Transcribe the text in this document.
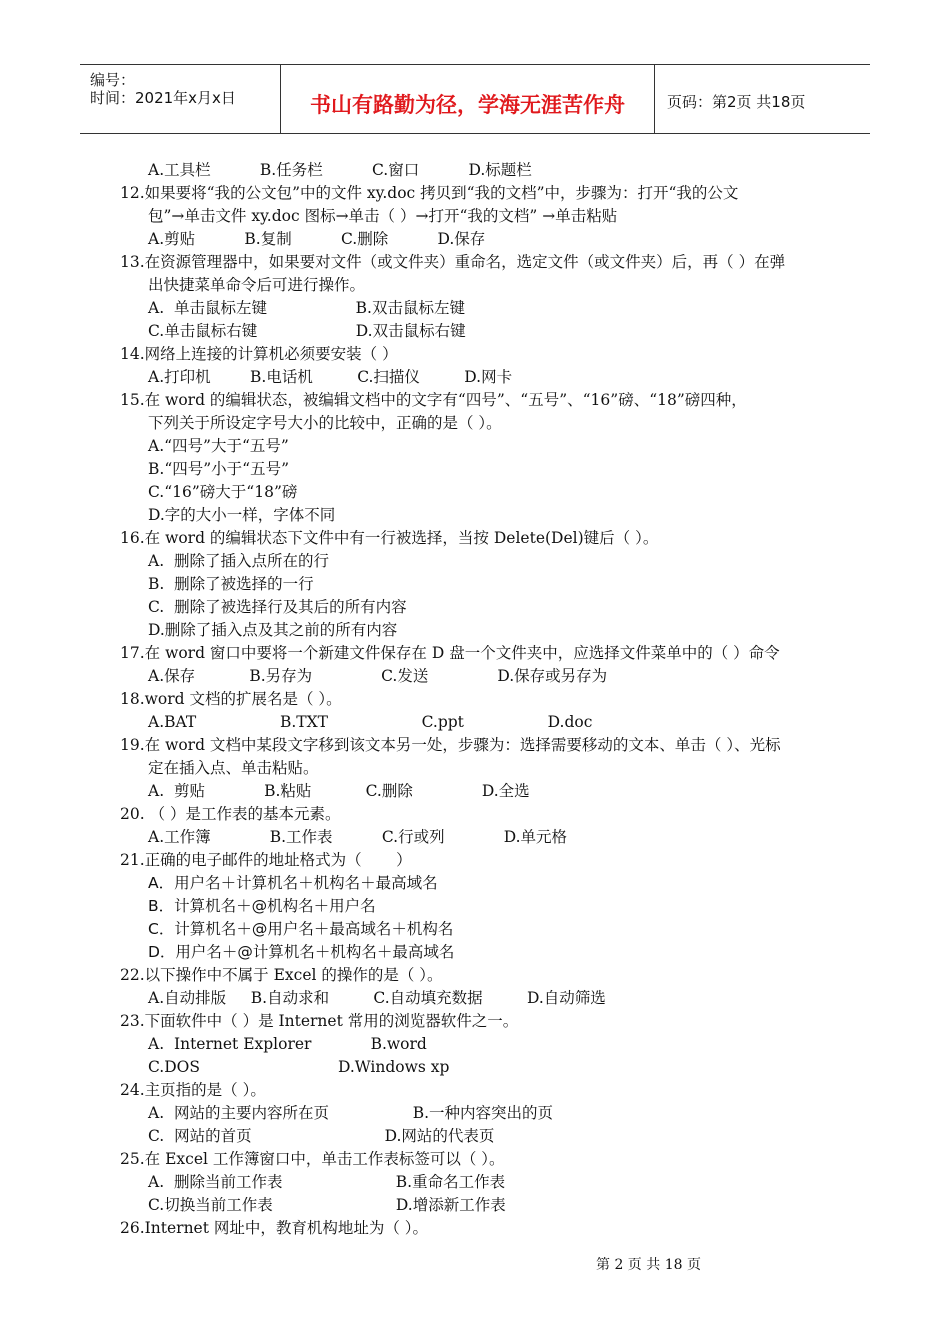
编号：
时间：2021年x月x日	书山有路勤为径，学海无涯苦作舟	页码：第2页 共18页
A.工具栏          B.任务栏          C.窗口          D.标题栏
12.如果要将“我的公文包”中的文件 xy.doc 拷贝到“我的文档”中，步骤为：打开“我的公文
包”→单击文件 xy.doc 图标→单击（ ）→打开“我的文档” →单击粘贴
A.剪贴          B.复制          C.删除          D.保存
13.在资源管理器中，如果要对文件（或文件夹）重命名，选定文件（或文件夹）后，再（ ）在弹
出快捷菜单命令后可进行操作。
A.  单击鼠标左键                  B.双击鼠标左键
C.单击鼠标右键                    D.双击鼠标右键
14.网络上连接的计算机必须要安装（ ）
A.打印机        B.电话机         C.扫描仪         D.网卡
15.在 word 的编辑状态，被编辑文档中的文字有“四号”、“五号”、“16”磅、“18”磅四种，
下列关于所设定字号大小的比较中，正确的是（ ）。
A.“四号”大于“五号”
B.“四号”小于“五号”
C.“16”磅大于“18”磅
D.字的大小一样，字体不同
16.在 word 的编辑状态下文件中有一行被选择，当按 Delete(Del)键后（ ）。
A.  删除了插入点所在的行
B.  删除了被选择的一行
C.  删除了被选择行及其后的所有内容
D.删除了插入点及其之前的所有内容
17.在 word 窗口中要将一个新建文件保存在 D 盘一个文件夹中，应选择文件菜单中的（ ）命令
A.保存           B.另存为              C.发送              D.保存或另存为
18.word 文档的扩展名是（ ）。
A.BAT                 B.TXT                   C.ppt                 D.doc
19.在 word 文档中某段文字移到该文本另一处，步骤为：选择需要移动的文本、单击（ ）、光标
定在插入点、单击粘贴。
A.  剪贴            B.粘贴           C.删除              D.全选
20. （ ）是工作表的基本元素。
A.工作簿            B.工作表          C.行或列            D.单元格
21.正确的电子邮件的地址格式为（       ）
A．用户名＋计算机名＋机构名＋最高域名
B．计算机名＋@机构名＋用户名
C．计算机名＋@用户名＋最高域名＋机构名
D．用户名＋@计算机名＋机构名＋最高域名
22.以下操作中不属于 Excel 的操作的是（ ）。
A.自动排版     B.自动求和         C.自动填充数据         D.自动筛选
23.下面软件中（ ）是 Internet 常用的浏览器软件之一。
A.  Internet Explorer            B.word
C.DOS                            D.Windows xp
24.主页指的是（ ）。
A.  网站的主要内容所在页                 B.一种内容突出的页
C.  网站的首页                           D.网站的代表页
25.在 Excel 工作簿窗口中，单击工作表标签可以（ ）。
A.  删除当前工作表                       B.重命名工作表
C.切换当前工作表                         D.增添新工作表
26.Internet 网址中，教育机构地址为（ ）。
第 2 页 共 18 页
